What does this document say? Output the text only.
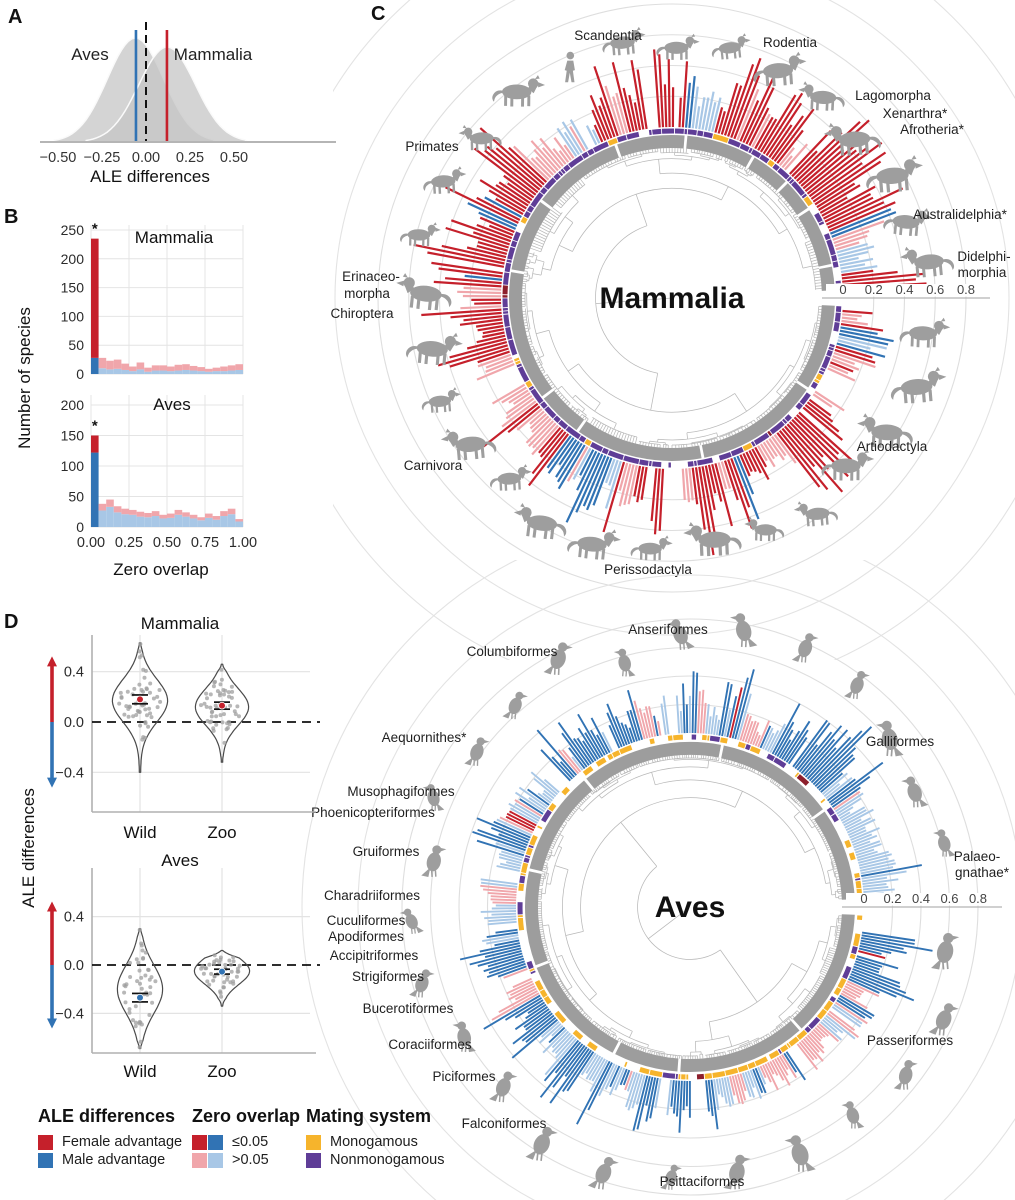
0 0.2 0.4 0.6 0.8
Scandentia	Rodentia
Lagomorpha
Xenarthra*
Afrotheria*
Australidelphia*
Didelphi-
morphia
Artiodactyla
Perissodactyla
Carnivora
Chiroptera
Erinaceo-
morpha
Primates
Mammalia
0 0.2 0.4 0.6 0.8
Anseriformes
Columbiformes
Aequornithes*
Musophagiformes
Phoenicopteriformes
Gruiformes
Charadriiformes
Cuculiformes
Apodiformes
Accipitriformes
Strigiformes
Bucerotiformes
Coraciiformes
Piciformes
Falconiformes
Psittaciformes
Passeriformes
Palaeo-
gnathae*
Galliformes
Aves
Aves	Mammalia
−0.50 −0.25 0.00 0.25 0.50
ALE differences
*
0
50
100
150
200
250	Mammalia
*
0
50
100
150
200	Aves
0.00 0.25 0.50 0.75 1.00
Zero overlap
Number of species
0.4
0.0
−0.4
Wild	Zoo
Mammalia
0.4
0.0
−0.4
Wild	Zoo
Aves
ALE differences
A
B
C
D
ALE differences
Female advantage
Male advantage
Zero overlap
≤0.05
>0.05
Mating system
Monogamous
Nonmonogamous
